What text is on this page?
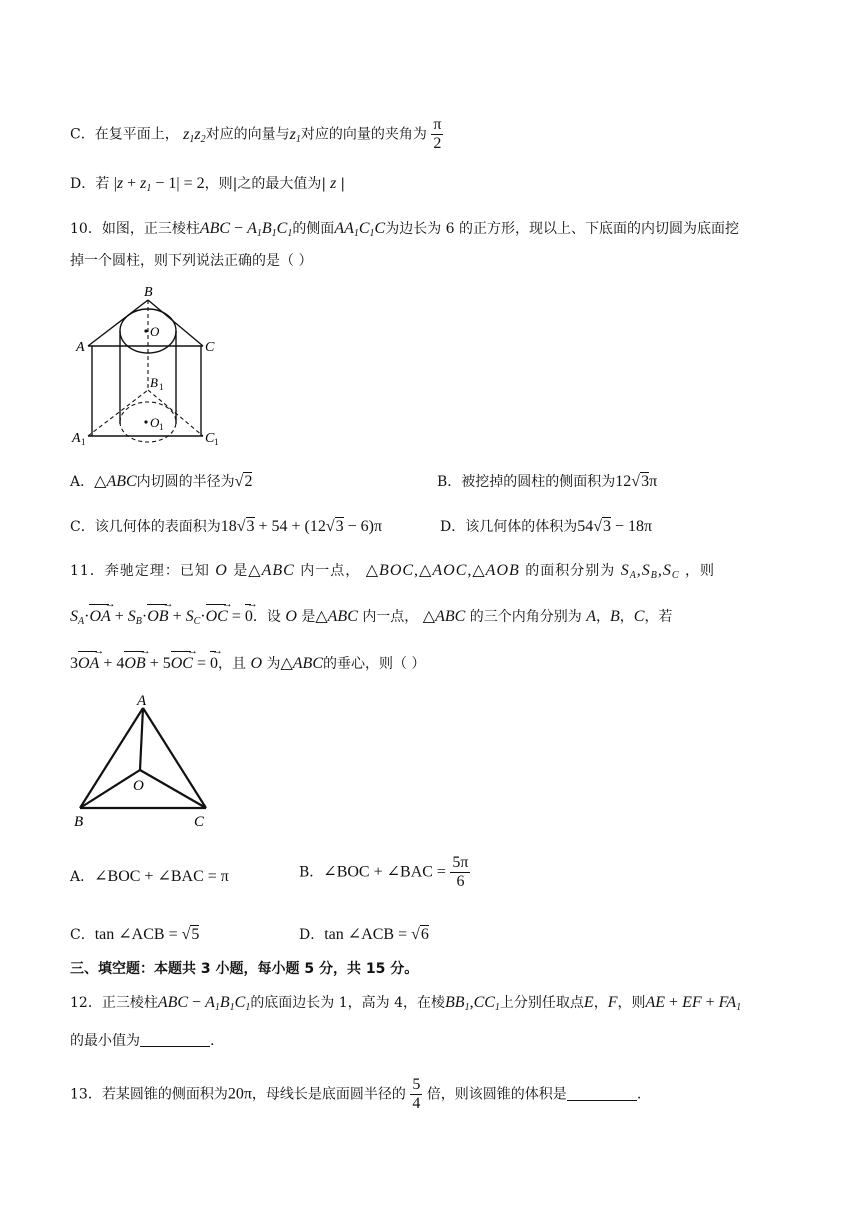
C．在复平面上， $z_1z_2$对应的向量与$z_1$对应的向量的夹角为 $\frac{\pi}{2}$
D．若 $|z + z_1 - 1| = 2$，则|之的最大值为| z |
10．如图，正三棱柱ABC − $A_1B_1C_1$的侧面$AA_1C_1C$为边长为 6 的正方形，现以上、下底面的内切圆为底面挖
掉一个圆柱，则下列说法正确的是（ ）
B
O
A	C
B 1
O 1
A 1	C 1
A．△ABC内切圆的半径为√2	B．被挖掉的圆柱的侧面积为12√3π
C．该几何体的表面积为18√3 + 54 + (12√3 − 6)π	D．该几何体的体积为54√3 − 18π
11．奔驰定理：已知 O 是△ABC 内一点， △BOC,△AOC,△AOB 的面积分别为 $S_A,S_B,S_C$ ，则
$S_A\cdot OA$ → + $S_B\cdot OB$ → + $S_C\cdot OC$ → = 0 →．设 O 是△ABC 内一点， △ABC 的三个内角分别为 A，B，C，若
3OA → + 4OB → + 5OC → = 0 →，且 O 为△ABC的垂心，则（ ）
A
O
B	C
A．∠BOC + ∠BAC = π	B．∠BOC + ∠BAC = $\frac{5\pi}{6}$
C．tan ∠ACB = √5	D．tan ∠ACB = √6
三、填空题：本题共 3 小题，每小题 5 分，共 15 分。
12．正三棱柱ABC − $A_1B_1C_1$的底面边长为 1，高为 4，在棱$BB_1,CC_1$上分别任取点E，F，则AE + EF + $FA_1$
的最小值为	.
13．若某圆锥的侧面积为20π，母线长是底面圆半径的 $\frac{5}{4}$ 倍，则该圆锥的体积是	.
